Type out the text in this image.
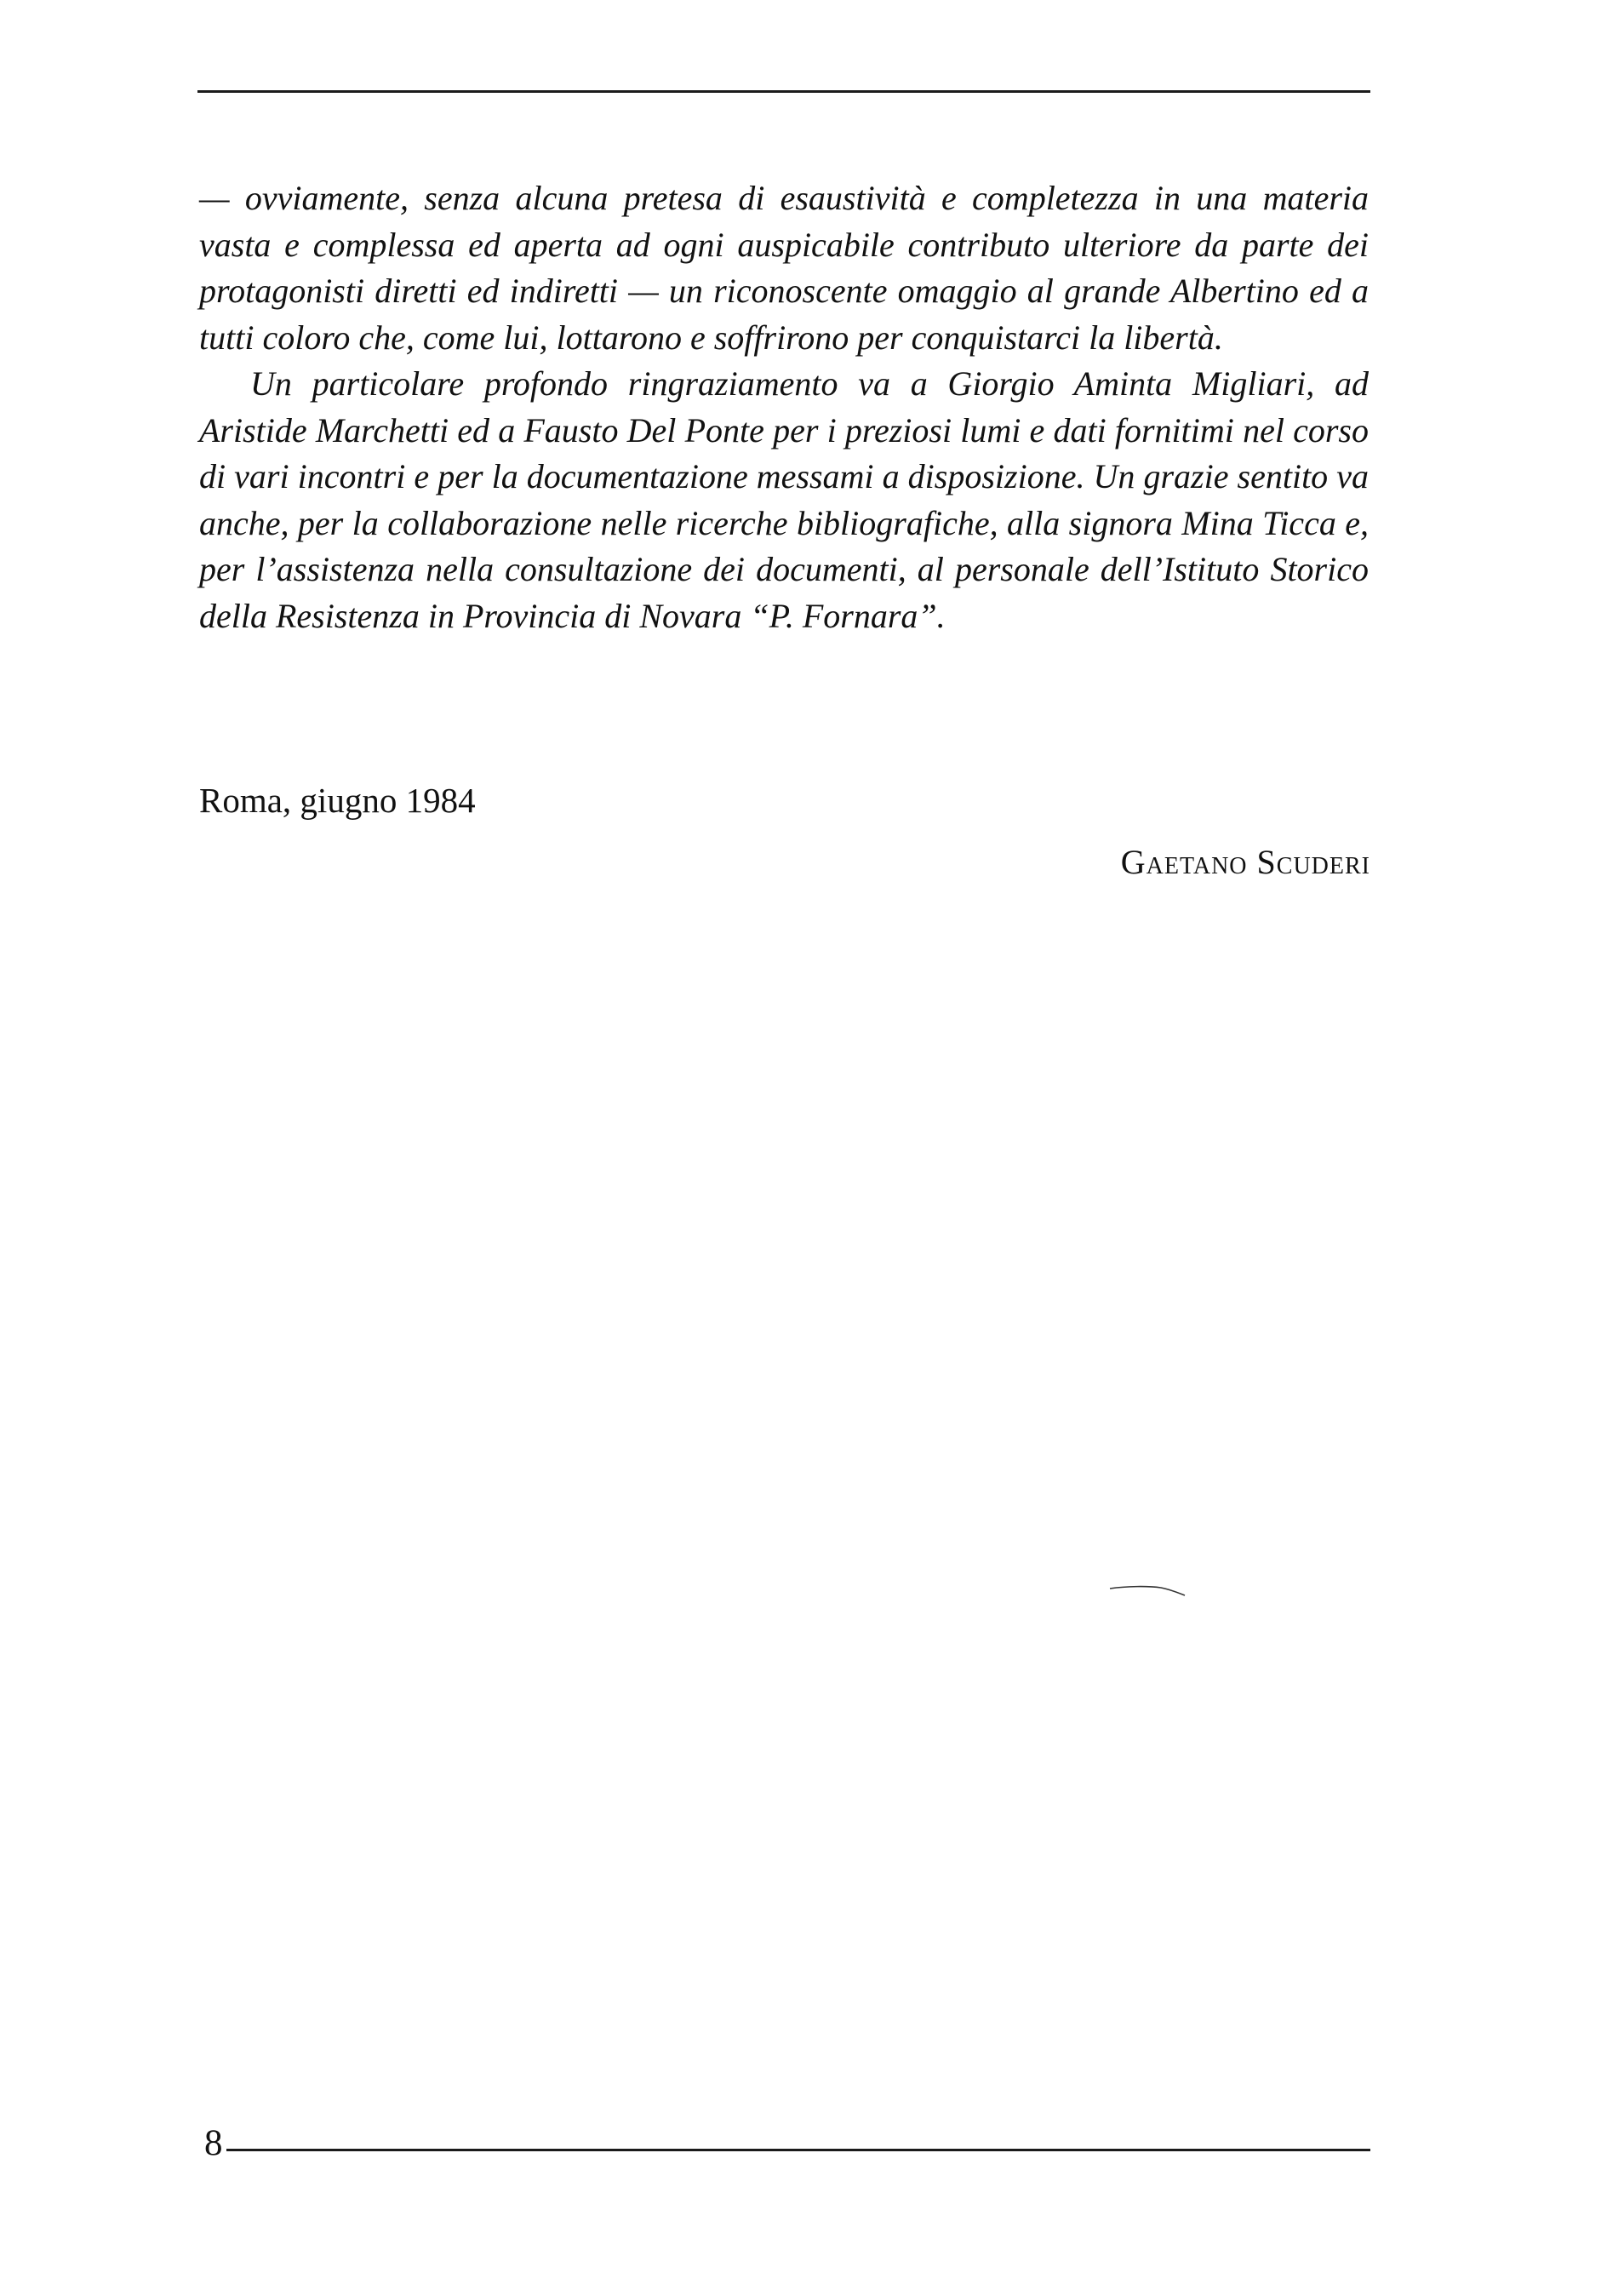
— ovviamente, senza alcuna pretesa di esaustività e completezza in una materia vasta e complessa ed aperta ad ogni auspicabile contributo ulteriore da parte dei protagonisti diretti ed indiretti — un riconoscente omaggio al grande Albertino ed a tutti coloro che, come lui, lottarono e soffrirono per conquistarci la libertà.

Un particolare profondo ringraziamento va a Giorgio Aminta Migliari, ad Aristide Marchetti ed a Fausto Del Ponte per i preziosi lumi e dati fornitimi nel corso di vari incontri e per la documentazione messami a disposizione. Un grazie sentito va anche, per la collaborazione nelle ricerche bibliografiche, alla signora Mina Ticca e, per l’assistenza nella consultazione dei documenti, al personale dell’Istituto Storico della Resistenza in Provincia di Novara “P. Fornara”.

Roma, giugno 1984
Gaetano Scuderi
8
